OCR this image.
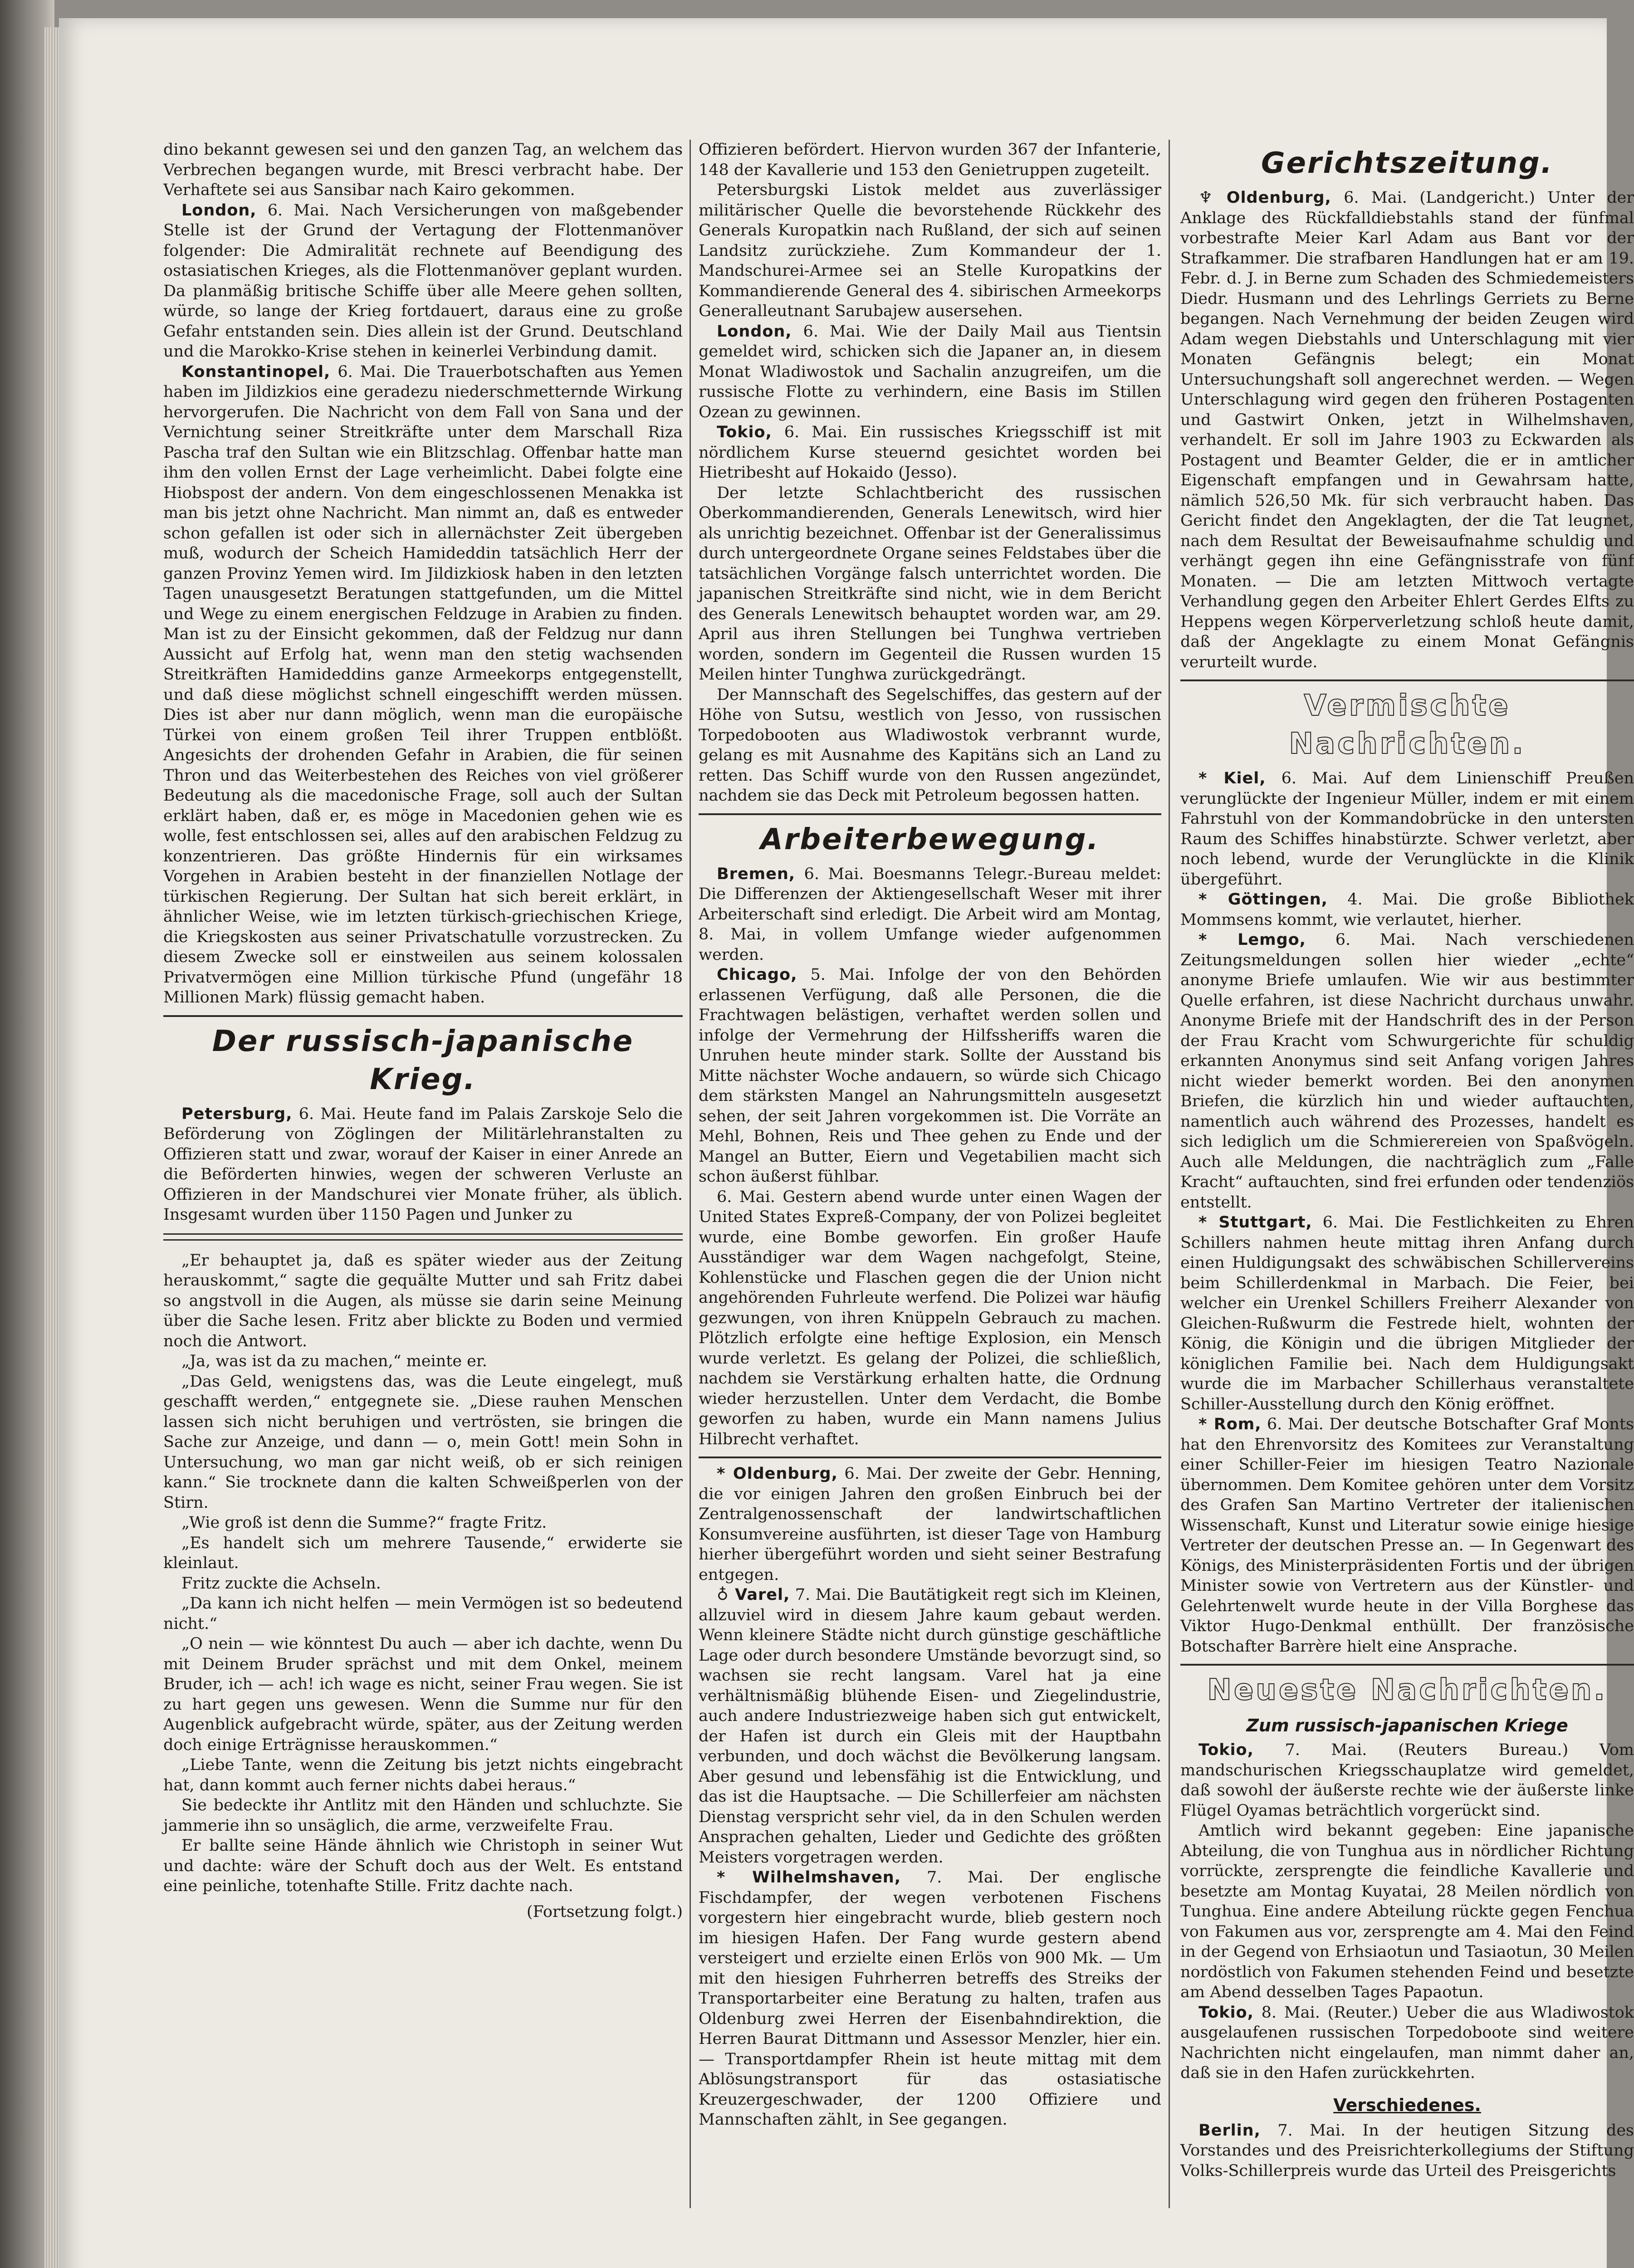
dino bekannt gewesen sei und den ganzen Tag, an welchem das Verbrechen begangen wurde, mit Bresci verbracht habe. Der Verhaftete sei aus Sansibar nach Kairo gekommen.

London, 6. Mai. Nach Versicherungen von maßgebender Stelle ist der Grund der Vertagung der Flottenmanöver folgender: Die Admiralität rechnete auf Beendigung des ostasiatischen Krieges, als die Flottenmanöver geplant wurden. Da planmäßig britische Schiffe über alle Meere gehen sollten, würde, so lange der Krieg fortdauert, daraus eine zu große Gefahr entstanden sein. Dies allein ist der Grund. Deutschland und die Marokko-Krise stehen in keinerlei Verbindung damit.

Konstantinopel, 6. Mai. Die Trauerbotschaften aus Yemen haben im Jildizkios eine geradezu niederschmetternde Wirkung hervorgerufen. Die Nachricht von dem Fall von Sana und der Vernichtung seiner Streitkräfte unter dem Marschall Riza Pascha traf den Sultan wie ein Blitzschlag. Offenbar hatte man ihm den vollen Ernst der Lage verheimlicht. Dabei folgte eine Hiobspost der andern. Von dem eingeschlossenen Menakka ist man bis jetzt ohne Nachricht. Man nimmt an, daß es entweder schon gefallen ist oder sich in allernächster Zeit übergeben muß, wodurch der Scheich Hamideddin tatsächlich Herr der ganzen Provinz Yemen wird. Im Jildizkiosk haben in den letzten Tagen unausgesetzt Beratungen stattgefunden, um die Mittel und Wege zu einem energischen Feldzuge in Arabien zu finden. Man ist zu der Einsicht gekommen, daß der Feldzug nur dann Aussicht auf Erfolg hat, wenn man den stetig wachsenden Streitkräften Hamideddins ganze Armeekorps entgegenstellt, und daß diese möglichst schnell eingeschifft werden müssen. Dies ist aber nur dann möglich, wenn man die europäische Türkei von einem großen Teil ihrer Truppen entblößt. Angesichts der drohenden Gefahr in Arabien, die für seinen Thron und das Weiterbestehen des Reiches von viel größerer Bedeutung als die macedonische Frage, soll auch der Sultan erklärt haben, daß er, es möge in Macedonien gehen wie es wolle, fest entschlossen sei, alles auf den arabischen Feldzug zu konzentrieren. Das größte Hindernis für ein wirksames Vorgehen in Arabien besteht in der finanziellen Notlage der türkischen Regierung. Der Sultan hat sich bereit erklärt, in ähnlicher Weise, wie im letzten türkisch-griechischen Kriege, die Kriegskosten aus seiner Privatschatulle vorzustrecken. Zu diesem Zwecke soll er einstweilen aus seinem kolossalen Privatvermögen eine Million türkische Pfund (ungefähr 18 Millionen Mark) flüssig gemacht haben.

Der russisch-japanische Krieg.

Petersburg, 6. Mai. Heute fand im Palais Zarskoje Selo die Beförderung von Zöglingen der Militärlehranstalten zu Offizieren statt und zwar, worauf der Kaiser in einer Anrede an die Beförderten hinwies, wegen der schweren Verluste an Offizieren in der Mandschurei vier Monate früher, als üblich. Insgesamt wurden über 1150 Pagen und Junker zu

„Er behauptet ja, daß es später wieder aus der Zeitung herauskommt,“ sagte die gequälte Mutter und sah Fritz dabei so angstvoll in die Augen, als müsse sie darin seine Meinung über die Sache lesen. Fritz aber blickte zu Boden und vermied noch die Antwort.

„Ja, was ist da zu machen,“ meinte er.

„Das Geld, wenigstens das, was die Leute eingelegt, muß geschafft werden,“ entgegnete sie. „Diese rauhen Menschen lassen sich nicht beruhigen und vertrösten, sie bringen die Sache zur Anzeige, und dann — o, mein Gott! mein Sohn in Untersuchung, wo man gar nicht weiß, ob er sich reinigen kann.“ Sie trocknete dann die kalten Schweißperlen von der Stirn.

„Wie groß ist denn die Summe?“ fragte Fritz.

„Es handelt sich um mehrere Tausende,“ erwiderte sie kleinlaut.

Fritz zuckte die Achseln.

„Da kann ich nicht helfen — mein Vermögen ist so bedeutend nicht.“

„O nein — wie könntest Du auch — aber ich dachte, wenn Du mit Deinem Bruder sprächst und mit dem Onkel, meinem Bruder, ich — ach! ich wage es nicht, seiner Frau wegen. Sie ist zu hart gegen uns gewesen. Wenn die Summe nur für den Augenblick aufgebracht würde, später, aus der Zeitung werden doch einige Erträgnisse herauskommen.“

„Liebe Tante, wenn die Zeitung bis jetzt nichts eingebracht hat, dann kommt auch ferner nichts dabei heraus.“

Sie bedeckte ihr Antlitz mit den Händen und schluchzte. Sie jammerie ihn so unsäglich, die arme, verzweifelte Frau.

Er ballte seine Hände ähnlich wie Christoph in seiner Wut und dachte: wäre der Schuft doch aus der Welt. Es entstand eine peinliche, totenhafte Stille. Fritz dachte nach.

(Fortsetzung folgt.)

Offizieren befördert. Hiervon wurden 367 der Infanterie, 148 der Kavallerie und 153 den Genietruppen zugeteilt.

Petersburgski Listok meldet aus zuverlässiger militärischer Quelle die bevorstehende Rückkehr des Generals Kuropatkin nach Rußland, der sich auf seinen Landsitz zurückziehe. Zum Kommandeur der 1. Mandschurei-Armee sei an Stelle Kuropatkins der Kommandierende General des 4. sibirischen Armeekorps Generalleutnant Sarubajew ausersehen.

London, 6. Mai. Wie der Daily Mail aus Tientsin gemeldet wird, schicken sich die Japaner an, in diesem Monat Wladiwostok und Sachalin anzugreifen, um die russische Flotte zu verhindern, eine Basis im Stillen Ozean zu gewinnen.

Tokio, 6. Mai. Ein russisches Kriegsschiff ist mit nördlichem Kurse steuernd gesichtet worden bei Hietribesht auf Hokaido (Jesso).

Der letzte Schlachtbericht des russischen Oberkommandierenden, Generals Lenewitsch, wird hier als unrichtig bezeichnet. Offenbar ist der Generalissimus durch untergeordnete Organe seines Feldstabes über die tatsächlichen Vorgänge falsch unterrichtet worden. Die japanischen Streitkräfte sind nicht, wie in dem Bericht des Generals Lenewitsch behauptet worden war, am 29. April aus ihren Stellungen bei Tunghwa vertrieben worden, sondern im Gegenteil die Russen wurden 15 Meilen hinter Tunghwa zurückgedrängt.

Der Mannschaft des Segelschiffes, das gestern auf der Höhe von Sutsu, westlich von Jesso, von russischen Torpedobooten aus Wladiwostok verbrannt wurde, gelang es mit Ausnahme des Kapitäns sich an Land zu retten. Das Schiff wurde von den Russen angezündet, nachdem sie das Deck mit Petroleum begossen hatten.

Arbeiterbewegung.

Bremen, 6. Mai. Boesmanns Telegr.-Bureau meldet: Die Differenzen der Aktiengesellschaft Weser mit ihrer Arbeiterschaft sind erledigt. Die Arbeit wird am Montag, 8. Mai, in vollem Umfange wieder aufgenommen werden.

Chicago, 5. Mai. Infolge der von den Behörden erlassenen Verfügung, daß alle Personen, die die Frachtwagen belästigen, verhaftet werden sollen und infolge der Vermehrung der Hilfssheriffs waren die Unruhen heute minder stark. Sollte der Ausstand bis Mitte nächster Woche andauern, so würde sich Chicago dem stärksten Mangel an Nahrungsmitteln ausgesetzt sehen, der seit Jahren vorgekommen ist. Die Vorräte an Mehl, Bohnen, Reis und Thee gehen zu Ende und der Mangel an Butter, Eiern und Vegetabilien macht sich schon äußerst fühlbar.

6. Mai. Gestern abend wurde unter einen Wagen der United States Expreß-Company, der von Polizei begleitet wurde, eine Bombe geworfen. Ein großer Haufe Ausständiger war dem Wagen nachgefolgt, Steine, Kohlenstücke und Flaschen gegen die der Union nicht angehörenden Fuhrleute werfend. Die Polizei war häufig gezwungen, von ihren Knüppeln Gebrauch zu machen. Plötzlich erfolgte eine heftige Explosion, ein Mensch wurde verletzt. Es gelang der Polizei, die schließlich, nachdem sie Verstärkung erhalten hatte, die Ordnung wieder herzustellen. Unter dem Verdacht, die Bombe geworfen zu haben, wurde ein Mann namens Julius Hilbrecht verhaftet.

* Oldenburg, 6. Mai. Der zweite der Gebr. Henning, die vor einigen Jahren den großen Einbruch bei der Zentralgenossenschaft der landwirtschaftlichen Konsumvereine ausführten, ist dieser Tage von Hamburg hierher übergeführt worden und sieht seiner Bestrafung entgegen.

♁ Varel, 7. Mai. Die Bautätigkeit regt sich im Kleinen, allzuviel wird in diesem Jahre kaum gebaut werden. Wenn kleinere Städte nicht durch günstige geschäftliche Lage oder durch besondere Umstände bevorzugt sind, so wachsen sie recht langsam. Varel hat ja eine verhältnismäßig blühende Eisen- und Ziegelindustrie, auch andere Industriezweige haben sich gut entwickelt, der Hafen ist durch ein Gleis mit der Hauptbahn verbunden, und doch wächst die Bevölkerung langsam. Aber gesund und lebensfähig ist die Entwicklung, und das ist die Hauptsache. — Die Schillerfeier am nächsten Dienstag verspricht sehr viel, da in den Schulen werden Ansprachen gehalten, Lieder und Gedichte des größten Meisters vorgetragen werden.

* Wilhelmshaven, 7. Mai. Der englische Fischdampfer, der wegen verbotenen Fischens vorgestern hier eingebracht wurde, blieb gestern noch im hiesigen Hafen. Der Fang wurde gestern abend versteigert und erzielte einen Erlös von 900 Mk. — Um mit den hiesigen Fuhrherren betreffs des Streiks der Transportarbeiter eine Beratung zu halten, trafen aus Oldenburg zwei Herren der Eisenbahndirektion, die Herren Baurat Dittmann und Assessor Menzler, hier ein. — Transportdampfer Rhein ist heute mittag mit dem Ablösungstransport für das ostasiatische Kreuzergeschwader, der 1200 Offiziere und Mannschaften zählt, in See gegangen.

Gerichtszeitung.

♆ Oldenburg, 6. Mai. (Landgericht.) Unter der Anklage des Rückfalldiebstahls stand der fünfmal vorbestrafte Meier Karl Adam aus Bant vor der Strafkammer. Die strafbaren Handlungen hat er am 19. Febr. d. J. in Berne zum Schaden des Schmiedemeisters Diedr. Husmann und des Lehrlings Gerriets zu Berne begangen. Nach Vernehmung der beiden Zeugen wird Adam wegen Diebstahls und Unterschlagung mit vier Monaten Gefängnis belegt; ein Monat Untersuchungshaft soll angerechnet werden. — Wegen Unterschlagung wird gegen den früheren Postagenten und Gastwirt Onken, jetzt in Wilhelmshaven, verhandelt. Er soll im Jahre 1903 zu Eckwarden als Postagent und Beamter Gelder, die er in amtlicher Eigenschaft empfangen und in Gewahrsam hatte, nämlich 526,50 Mk. für sich verbraucht haben. Das Gericht findet den Angeklagten, der die Tat leugnet, nach dem Resultat der Beweisaufnahme schuldig und verhängt gegen ihn eine Gefängnisstrafe von fünf Monaten. — Die am letzten Mittwoch vertagte Verhandlung gegen den Arbeiter Ehlert Gerdes Elfts zu Heppens wegen Körperverletzung schloß heute damit, daß der Angeklagte zu einem Monat Gefängnis verurteilt wurde.

Vermischte Nachrichten.

* Kiel, 6. Mai. Auf dem Linienschiff Preußen verunglückte der Ingenieur Müller, indem er mit einem Fahrstuhl von der Kommandobrücke in den untersten Raum des Schiffes hinabstürzte. Schwer verletzt, aber noch lebend, wurde der Verunglückte in die Klinik übergeführt.

* Göttingen, 4. Mai. Die große Bibliothek Mommsens kommt, wie verlautet, hierher.

* Lemgo, 6. Mai. Nach verschiedenen Zeitungsmeldungen sollen hier wieder „echte“ anonyme Briefe umlaufen. Wie wir aus bestimmter Quelle erfahren, ist diese Nachricht durchaus unwahr. Anonyme Briefe mit der Handschrift des in der Person der Frau Kracht vom Schwurgerichte für schuldig erkannten Anonymus sind seit Anfang vorigen Jahres nicht wieder bemerkt worden. Bei den anonymen Briefen, die kürzlich hin und wieder auftauchten, namentlich auch während des Prozesses, handelt es sich lediglich um die Schmierereien von Spaßvögeln. Auch alle Meldungen, die nachträglich zum „Falle Kracht“ auftauchten, sind frei erfunden oder tendenziös entstellt.

* Stuttgart, 6. Mai. Die Festlichkeiten zu Ehren Schillers nahmen heute mittag ihren Anfang durch einen Huldigungsakt des schwäbischen Schillervereins beim Schillerdenkmal in Marbach. Die Feier, bei welcher ein Urenkel Schillers Freiherr Alexander von Gleichen-Rußwurm die Festrede hielt, wohnten der König, die Königin und die übrigen Mitglieder der königlichen Familie bei. Nach dem Huldigungsakt wurde die im Marbacher Schillerhaus veranstaltete Schiller-Ausstellung durch den König eröffnet.

* Rom, 6. Mai. Der deutsche Botschafter Graf Monts hat den Ehrenvorsitz des Komitees zur Veranstaltung einer Schiller-Feier im hiesigen Teatro Nazionale übernommen. Dem Komitee gehören unter dem Vorsitz des Grafen San Martino Vertreter der italienischen Wissenschaft, Kunst und Literatur sowie einige hiesige Vertreter der deutschen Presse an. — In Gegenwart des Königs, des Ministerpräsidenten Fortis und der übrigen Minister sowie von Vertretern aus der Künstler- und Gelehrtenwelt wurde heute in der Villa Borghese das Viktor Hugo-Denkmal enthüllt. Der französische Botschafter Barrère hielt eine Ansprache.

Neueste Nachrichten.
Zum russisch-japanischen Kriege

Tokio, 7. Mai. (Reuters Bureau.) Vom mandschurischen Kriegsschauplatze wird gemeldet, daß sowohl der äußerste rechte wie der äußerste linke Flügel Oyamas beträchtlich vorgerückt sind.

Amtlich wird bekannt gegeben: Eine japanische Abteilung, die von Tunghua aus in nördlicher Richtung vorrückte, zersprengte die feindliche Kavallerie und besetzte am Montag Kuyatai, 28 Meilen nördlich von Tunghua. Eine andere Abteilung rückte gegen Fenchua von Fakumen aus vor, zersprengte am 4. Mai den Feind in der Gegend von Erhsiaotun und Tasiaotun, 30 Meilen nordöstlich von Fakumen stehenden Feind und besetzte am Abend desselben Tages Papaotun.

Tokio, 8. Mai. (Reuter.) Ueber die aus Wladiwostok ausgelaufenen russischen Torpedoboote sind weitere Nachrichten nicht eingelaufen, man nimmt daher an, daß sie in den Hafen zurückkehrten.

Verschiedenes.

Berlin, 7. Mai. In der heutigen Sitzung des Vorstandes und des Preisrichterkollegiums der Stiftung Volks-Schillerpreis wurde das Urteil des Preisgerichts
